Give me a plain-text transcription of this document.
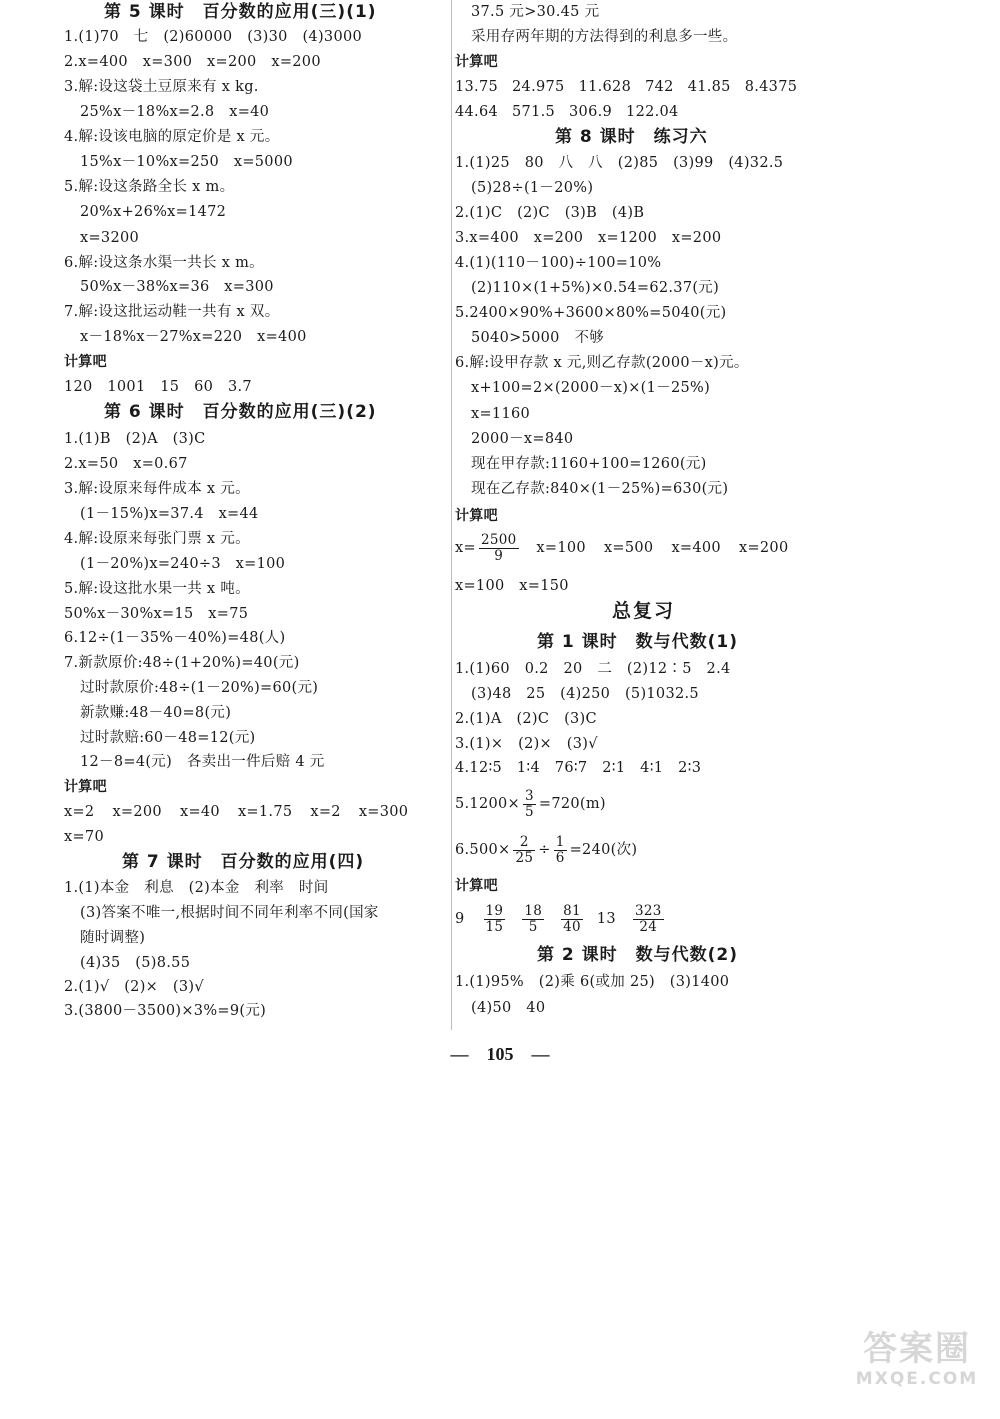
第 5 课时　百分数的应用(三)(1)
1.(1)70　七　(2)60000　(3)30　(4)3000
2.x=400　x=300　x=200　x=200
3.解:设这袋土豆原来有 x kg.
25%x－18%x=2.8　x=40
4.解:设该电脑的原定价是 x 元。
15%x－10%x=250　x=5000
5.解:设这条路全长 x m。
20%x+26%x=1472
x=3200
6.解:设这条水渠一共长 x m。
50%x－38%x=36　x=300
7.解:设这批运动鞋一共有 x 双。
x－18%x－27%x=220　x=400
计算吧
120　1001　15　60　3.7
第 6 课时　百分数的应用(三)(2)
1.(1)B　(2)A　(3)C
2.x=50　x=0.67
3.解:设原来每件成本 x 元。
(1－15%)x=37.4　x=44
4.解:设原来每张门票 x 元。
(1－20%)x=240÷3　x=100
5.解:设这批水果一共 x 吨。
50%x－30%x=15　x=75
6.12÷(1－35%－40%)=48(人)
7.新款原价:48÷(1+20%)=40(元)
过时款原价:48÷(1－20%)=60(元)
新款赚:48－40=8(元)
过时款赔:60－48=12(元)
12－8=4(元)　各卖出一件后赔 4 元
计算吧
x=2 x=200 x=40 x=1.75 x=2 x=300
x=70
第 7 课时　百分数的应用(四)
1.(1)本金　利息　(2)本金　利率　时间
(3)答案不唯一,根据时间不同年利率不同(国家
随时调整)
(4)35　(5)8.55
2.(1)√　(2)×　(3)√
3.(3800－3500)×3%=9(元)
37.5 元>30.45 元
采用存两年期的方法得到的利息多一些。
计算吧
13.75 24.975 11.628 742 41.85 8.4375
44.64 571.5 306.9 122.04
第 8 课时　练习六
1.(1)25　80　八　八　(2)85　(3)99　(4)32.5
(5)28÷(1－20%)
2.(1)C　(2)C　(3)B　(4)B
3.x=400　x=200　x=1200　x=200
4.(1)(110－100)÷100=10%
(2)110×(1+5%)×0.54=62.37(元)
5.2400×90%+3600×80%=5040(元)
5040>5000　不够
6.解:设甲存款 x 元,则乙存款(2000－x)元。
x+100=2×(2000－x)×(1－25%)
x=1160
2000－x=840
现在甲存款:1160+100=1260(元)
现在乙存款:840×(1－25%)=630(元)
计算吧
$x= \frac{2500}{9} x=100$ x=500 x=400 x=200
x=100　x=150
总复习
第 1 课时　数与代数(1)
1.(1)60　0.2　20　二　(2)12∶5　2.4
(3)48　25　(4)250　(5)1032.5
2.(1)A　(2)C　(3)C
3.(1)×　(2)×　(3)√
4.12∶5　1∶4　76∶7　2∶1　4∶1　2∶3
$5.1200\times \frac{3}{5} =720(m)$
$6.500\times \frac{2}{25} \div \frac{1}{6} =240$(次)
计算吧
$9 \frac{19}{15} \frac{18}{5} \frac{81}{40} 13 \frac{323}{24}$
第 2 课时　数与代数(2)
1.(1)95%　(2)乘 6(或加 25)　(3)1400
(4)50　40
—　105　—
答案圈
MXQE.COM
